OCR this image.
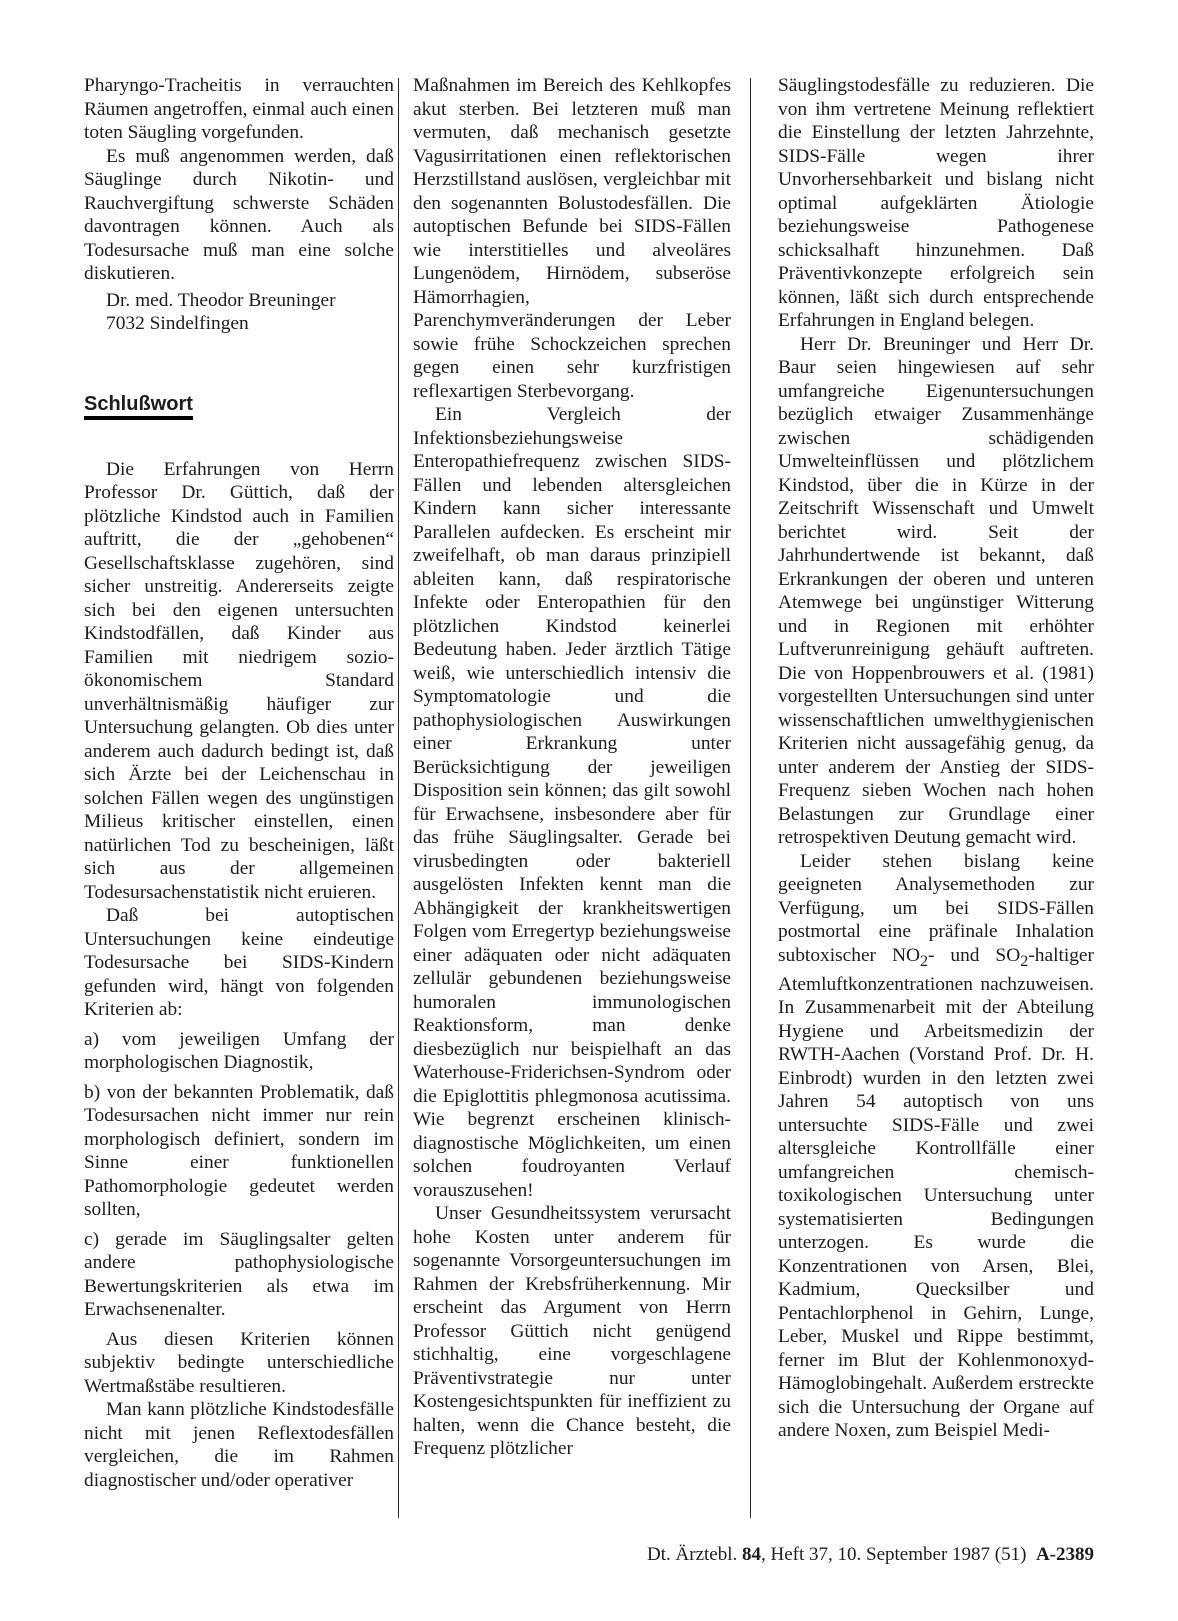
Pharyngo-Tracheitis in verrauchten Räumen angetroffen, einmal auch einen toten Säugling vorgefunden.

Es muß angenommen werden, daß Säuglinge durch Nikotin- und Rauchvergiftung schwerste Schäden davontragen können. Auch als Todesursache muß man eine solche diskutieren.

Dr. med. Theodor Breuninger

7032 Sindelfingen

Schlußwort

Die Erfahrungen von Herrn Professor Dr. Güttich, daß der plötzliche Kindstod auch in Familien auftritt, die der „gehobenen“ Gesellschaftsklasse zugehören, sind sicher unstreitig. Andererseits zeigte sich bei den eigenen untersuchten Kindstodfällen, daß Kinder aus Familien mit niedrigem sozio-ökonomischem Standard unverhältnismäßig häufiger zur Untersuchung gelangten. Ob dies unter anderem auch dadurch bedingt ist, daß sich Ärzte bei der Leichenschau in solchen Fällen wegen des ungünstigen Milieus kritischer einstellen, einen natürlichen Tod zu bescheinigen, läßt sich aus der allgemeinen Todesursachenstatistik nicht eruieren.

Daß bei autoptischen Untersuchungen keine eindeutige Todesursache bei SIDS-Kindern gefunden wird, hängt von folgenden Kriterien ab:

a) vom jeweiligen Umfang der morphologischen Diagnostik,

b) von der bekannten Problematik, daß Todesursachen nicht immer nur rein morphologisch definiert, sondern im Sinne einer funktionellen Pathomorphologie gedeutet werden sollten,

c) gerade im Säuglingsalter gelten andere pathophysiologische Bewertungskriterien als etwa im Erwachsenenalter.

Aus diesen Kriterien können subjektiv bedingte unterschiedliche Wertmaßstäbe resultieren.

Man kann plötzliche Kindstodesfälle nicht mit jenen Reflextodesfällen vergleichen, die im Rahmen diagnostischer und/oder operativer

Maßnahmen im Bereich des Kehlkopfes akut sterben. Bei letzteren muß man vermuten, daß mechanisch gesetzte Vagusirritationen einen reflektorischen Herzstillstand auslösen, vergleichbar mit den sogenannten Bolustodesfällen. Die autoptischen Befunde bei SIDS-Fällen wie interstitielles und alveoläres Lungenödem, Hirnödem, subseröse Hämorrhagien, Parenchymveränderungen der Leber sowie frühe Schockzeichen sprechen gegen einen sehr kurzfristigen reflexartigen Sterbevorgang.

Ein Vergleich der Infektionsbeziehungsweise Enteropathiefrequenz zwischen SIDS-Fällen und lebenden altersgleichen Kindern kann sicher interessante Parallelen aufdecken. Es erscheint mir zweifelhaft, ob man daraus prinzipiell ableiten kann, daß respiratorische Infekte oder Enteropathien für den plötzlichen Kindstod keinerlei Bedeutung haben. Jeder ärztlich Tätige weiß, wie unterschiedlich intensiv die Symptomatologie und die pathophysiologischen Auswirkungen einer Erkrankung unter Berücksichtigung der jeweiligen Disposition sein können; das gilt sowohl für Erwachsene, insbesondere aber für das frühe Säuglingsalter. Gerade bei virusbedingten oder bakteriell ausgelösten Infekten kennt man die Abhängigkeit der krankheitswertigen Folgen vom Erregertyp beziehungsweise einer adäquaten oder nicht adäquaten zellulär gebundenen beziehungsweise humoralen immunologischen Reaktionsform, man denke diesbezüglich nur beispielhaft an das Waterhouse-Friderichsen-Syndrom oder die Epiglottitis phlegmonosa acutissima. Wie begrenzt erscheinen klinisch-diagnostische Möglichkeiten, um einen solchen foudroyanten Verlauf vorauszusehen!

Unser Gesundheitssystem verursacht hohe Kosten unter anderem für sogenannte Vorsorgeuntersuchungen im Rahmen der Krebsfrüherkennung. Mir erscheint das Argument von Herrn Professor Güttich nicht genügend stichhaltig, eine vorgeschlagene Präventivstrategie nur unter Kostengesichtspunkten für ineffizient zu halten, wenn die Chance besteht, die Frequenz plötzlicher

Säuglingstodesfälle zu reduzieren. Die von ihm vertretene Meinung reflektiert die Einstellung der letzten Jahrzehnte, SIDS-Fälle wegen ihrer Unvorhersehbarkeit und bislang nicht optimal aufgeklärten Ätiologie beziehungsweise Pathogenese schicksalhaft hinzunehmen. Daß Präventivkonzepte erfolgreich sein können, läßt sich durch entsprechende Erfahrungen in England belegen.

Herr Dr. Breuninger und Herr Dr. Baur seien hingewiesen auf sehr umfangreiche Eigenuntersuchungen bezüglich etwaiger Zusammenhänge zwischen schädigenden Umwelteinflüssen und plötzlichem Kindstod, über die in Kürze in der Zeitschrift Wissenschaft und Umwelt berichtet wird. Seit der Jahrhundertwende ist bekannt, daß Erkrankungen der oberen und unteren Atemwege bei ungünstiger Witterung und in Regionen mit erhöhter Luftverunreinigung gehäuft auftreten. Die von Hoppenbrouwers et al. (1981) vorgestellten Untersuchungen sind unter wissenschaftlichen umwelthygienischen Kriterien nicht aussagefähig genug, da unter anderem der Anstieg der SIDS-Frequenz sieben Wochen nach hohen Belastungen zur Grundlage einer retrospektiven Deutung gemacht wird.

Leider stehen bislang keine geeigneten Analysemethoden zur Verfügung, um bei SIDS-Fällen postmortal eine präfinale Inhalation subtoxischer $NO_2-$ und $SO_2$-haltiger Atemluftkonzentrationen nachzuweisen. In Zusammenarbeit mit der Abteilung Hygiene und Arbeitsmedizin der RWTH-Aachen (Vorstand Prof. Dr. H. Einbrodt) wurden in den letzten zwei Jahren 54 autoptisch von uns untersuchte SIDS-Fälle und zwei altersgleiche Kontrollfälle einer umfangreichen chemisch-toxikologischen Untersuchung unter systematisierten Bedingungen unterzogen. Es wurde die Konzentrationen von Arsen, Blei, Kadmium, Quecksilber und Pentachlorphenol in Gehirn, Lunge, Leber, Muskel und Rippe bestimmt, ferner im Blut der Kohlenmonoxyd-Hämoglobingehalt. Außerdem erstreckte sich die Untersuchung der Organe auf andere Noxen, zum Beispiel Medi-

Dt. Ärztebl. 84, Heft 37, 10. September 1987 (51) A-2389
